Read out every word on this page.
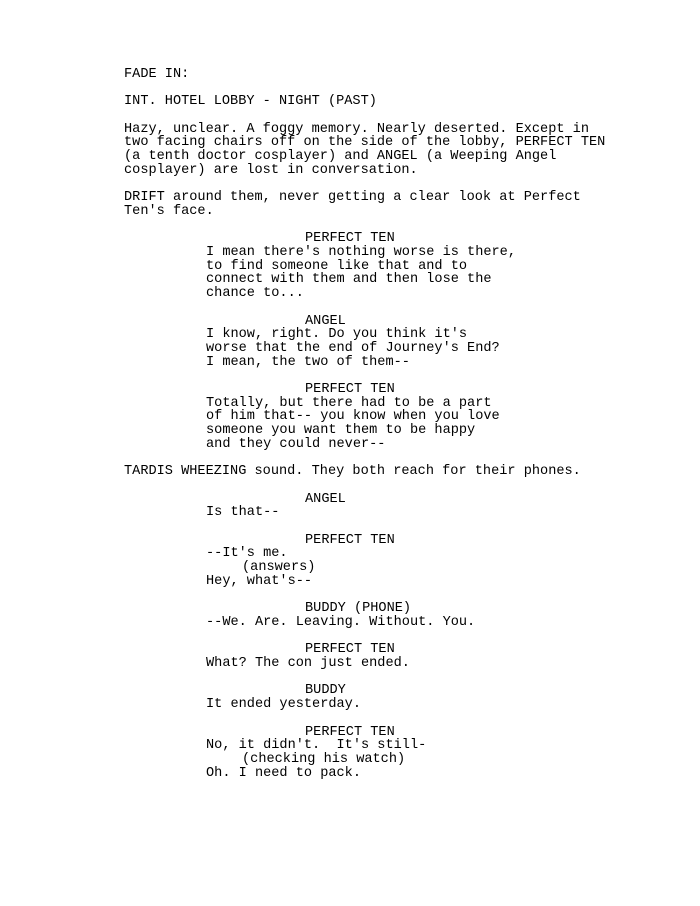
FADE IN:
INT. HOTEL LOBBY - NIGHT (PAST)
Hazy, unclear. A foggy memory. Nearly deserted. Except in
two facing chairs off on the side of the lobby, PERFECT TEN
(a tenth doctor cosplayer) and ANGEL (a Weeping Angel
cosplayer) are lost in conversation.
DRIFT around them, never getting a clear look at Perfect
Ten's face.
PERFECT TEN
I mean there's nothing worse is there,
to find someone like that and to
connect with them and then lose the
chance to...
ANGEL
I know, right. Do you think it's
worse that the end of Journey's End?
I mean, the two of them--
PERFECT TEN
Totally, but there had to be a part
of him that-- you know when you love
someone you want them to be happy
and they could never--
TARDIS WHEEZING sound. They both reach for their phones.
ANGEL
Is that--
PERFECT TEN
--It's me.
(answers)
Hey, what's--
BUDDY (PHONE)
--We. Are. Leaving. Without. You.
PERFECT TEN
What? The con just ended.
BUDDY
It ended yesterday.
PERFECT TEN
No, it didn't.  It's still-
(checking his watch)
Oh. I need to pack.
